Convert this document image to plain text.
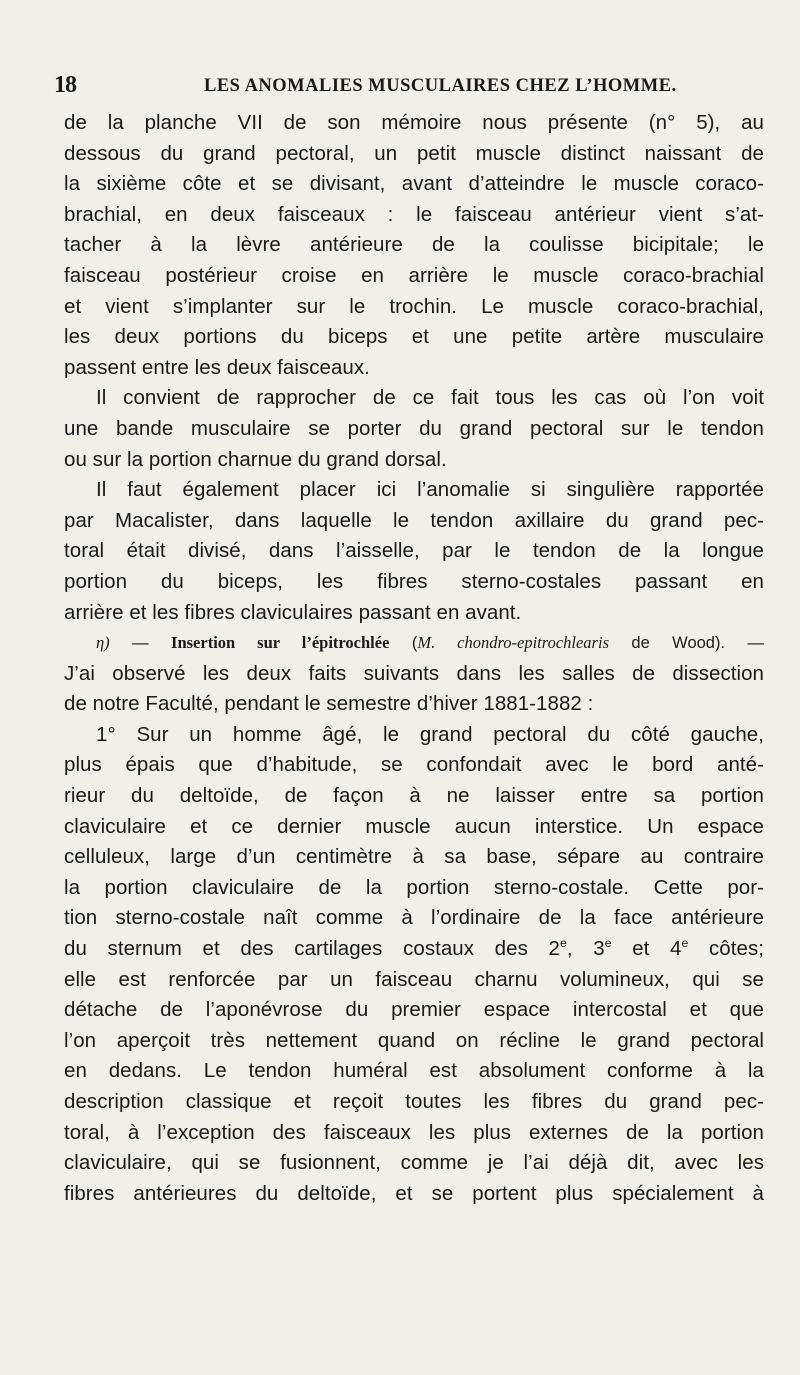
18	LES ANOMALIES MUSCULAIRES CHEZ L’HOMME.

de la planche VII de son mémoire nous présente (n° 5), au
dessous du grand pectoral, un petit muscle distinct naissant de
la sixième côte et se divisant, avant d’atteindre le muscle coraco-
brachial, en deux faisceaux : le faisceau antérieur vient s’at-
tacher à la lèvre antérieure de la coulisse bicipitale; le
faisceau postérieur croise en arrière le muscle coraco-brachial
et vient s’implanter sur le trochin. Le muscle coraco-brachial,
les deux portions du biceps et une petite artère musculaire
passent entre les deux faisceaux.

Il convient de rapprocher de ce fait tous les cas où l’on voit
une bande musculaire se porter du grand pectoral sur le tendon
ou sur la portion charnue du grand dorsal.

Il faut également placer ici l’anomalie si singulière rapportée
par Macalister, dans laquelle le tendon axillaire du grand pec-
toral était divisé, dans l’aisselle, par le tendon de la longue
portion du biceps, les fibres sterno-costales passant en
arrière et les fibres claviculaires passant en avant.

η) — Insertion sur l’épitrochlée (M. chondro-epitrochlearis de Wood). —

J’ai observé les deux faits suivants dans les salles de dissection
de notre Faculté, pendant le semestre d’hiver 1881-1882 :

1° Sur un homme âgé, le grand pectoral du côté gauche,
plus épais que d’habitude, se confondait avec le bord anté-
rieur du deltoïde, de façon à ne laisser entre sa portion
claviculaire et ce dernier muscle aucun interstice. Un espace
celluleux, large d’un centimètre à sa base, sépare au contraire
la portion claviculaire de la portion sterno-costale. Cette por-
tion sterno-costale naît comme à l’ordinaire de la face antérieure
du sternum et des cartilages costaux des 2e, 3e et 4e côtes;
elle est renforcée par un faisceau charnu volumineux, qui se
détache de l’aponévrose du premier espace intercostal et que
l’on aperçoit très nettement quand on récline le grand pectoral
en dedans. Le tendon huméral est absolument conforme à la
description classique et reçoit toutes les fibres du grand pec-
toral, à l’exception des faisceaux les plus externes de la portion
claviculaire, qui se fusionnent, comme je l’ai déjà dit, avec les
fibres antérieures du deltoïde, et se portent plus spécialement à
